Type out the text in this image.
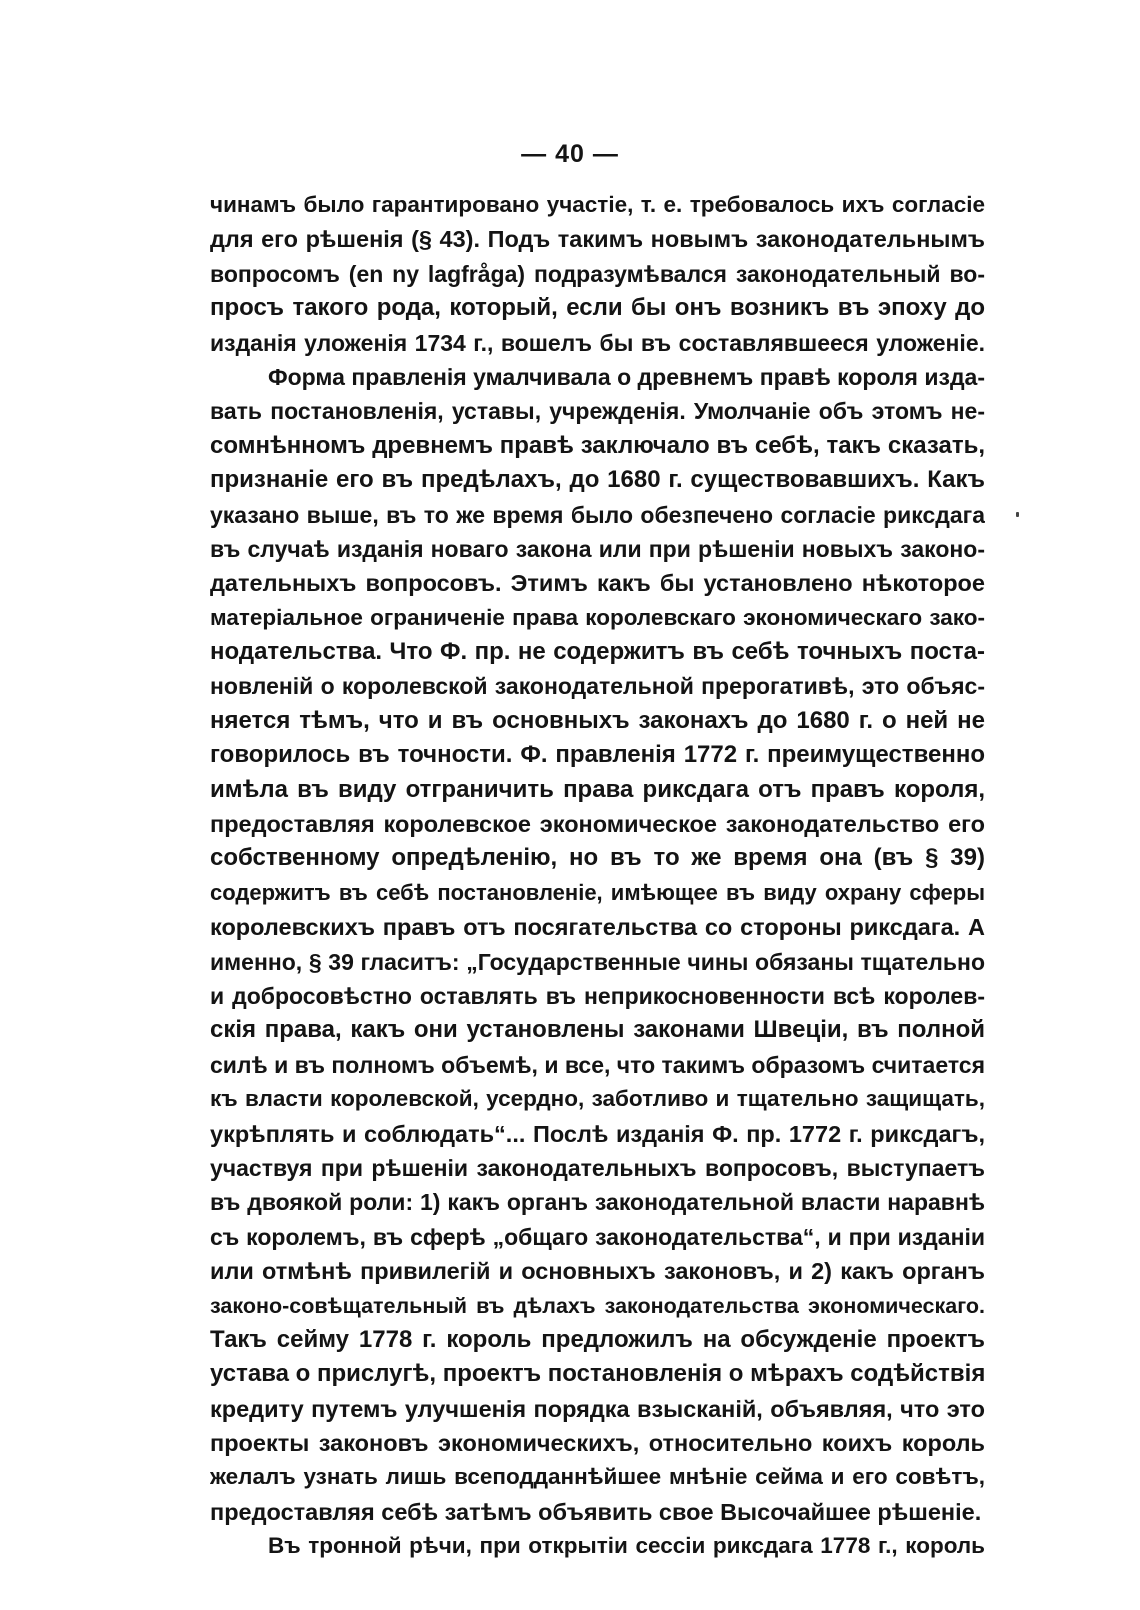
— 40 —
чинамъ было гарантировано участіе, т. е. требовалось ихъ согласіе
для его рѣшенія (§ 43). Подъ такимъ новымъ законодательнымъ
вопросомъ (en ny lagfråga) подразумѣвался законодательный во-
просъ такого рода, который, если бы онъ возникъ въ эпоху до
изданія уложенія 1734 г., вошелъ бы въ составлявшееся уложеніе.
Форма правленія умалчивала о древнемъ правѣ короля изда-
вать постановленія, уставы, учрежденія. Умолчаніе объ этомъ не-
сомнѣнномъ древнемъ правѣ заключало въ себѣ, такъ сказать,
признаніе его въ предѣлахъ, до 1680 г. существовавшихъ. Какъ
указано выше, въ то же время было обезпечено согласіе риксдага
въ случаѣ изданія новаго закона или при рѣшеніи новыхъ законо-
дательныхъ вопросовъ. Этимъ какъ бы установлено нѣкоторое
матеріальное ограниченіе права королевскаго экономическаго зако-
нодательства. Что Ф. пр. не содержитъ въ себѣ точныхъ поста-
новленій о королевской законодательной прерогативѣ, это объяс-
няется тѣмъ, что и въ основныхъ законахъ до 1680 г. о ней не
говорилось въ точности. Ф. правленія 1772 г. преимущественно
имѣла въ виду отграничить права риксдага отъ правъ короля,
предоставляя королевское экономическое законодательство его
собственному опредѣленію, но въ то же время она (въ § 39)
содержитъ въ себѣ постановленіе, имѣющее въ виду охрану сферы
королевскихъ правъ отъ посягательства со стороны риксдага. А
именно, § 39 гласитъ: „Государственные чины обязаны тщательно
и добросовѣстно оставлять въ неприкосновенности всѣ королев-
скія права, какъ они установлены законами Швеціи, въ полной
силѣ и въ полномъ объемѣ, и все, что такимъ образомъ считается
къ власти королевской, усердно, заботливо и тщательно защищать,
укрѣплять и соблюдать“... Послѣ изданія Ф. пр. 1772 г. риксдагъ,
участвуя при рѣшеніи законодательныхъ вопросовъ, выступаетъ
въ двоякой роли: 1) какъ органъ законодательной власти наравнѣ
съ королемъ, въ сферѣ „общаго законодательства“, и при изданіи
или отмѣнѣ привилегій и основныхъ законовъ, и 2) какъ органъ
законо-совѣщательный въ дѣлахъ законодательства экономическаго.
Такъ сейму 1778 г. король предложилъ на обсужденіе проектъ
устава о прислугѣ, проектъ постановленія о мѣрахъ содѣйствія
кредиту путемъ улучшенія порядка взысканій, объявляя, что это
проекты законовъ экономическихъ, относительно коихъ король
желалъ узнать лишь всеподданнѣйшее мнѣніе сейма и его совѣтъ,
предоставляя себѣ затѣмъ объявить свое Высочайшее рѣшеніе.
Въ тронной рѣчи, при открытіи сессіи риксдага 1778 г., король
